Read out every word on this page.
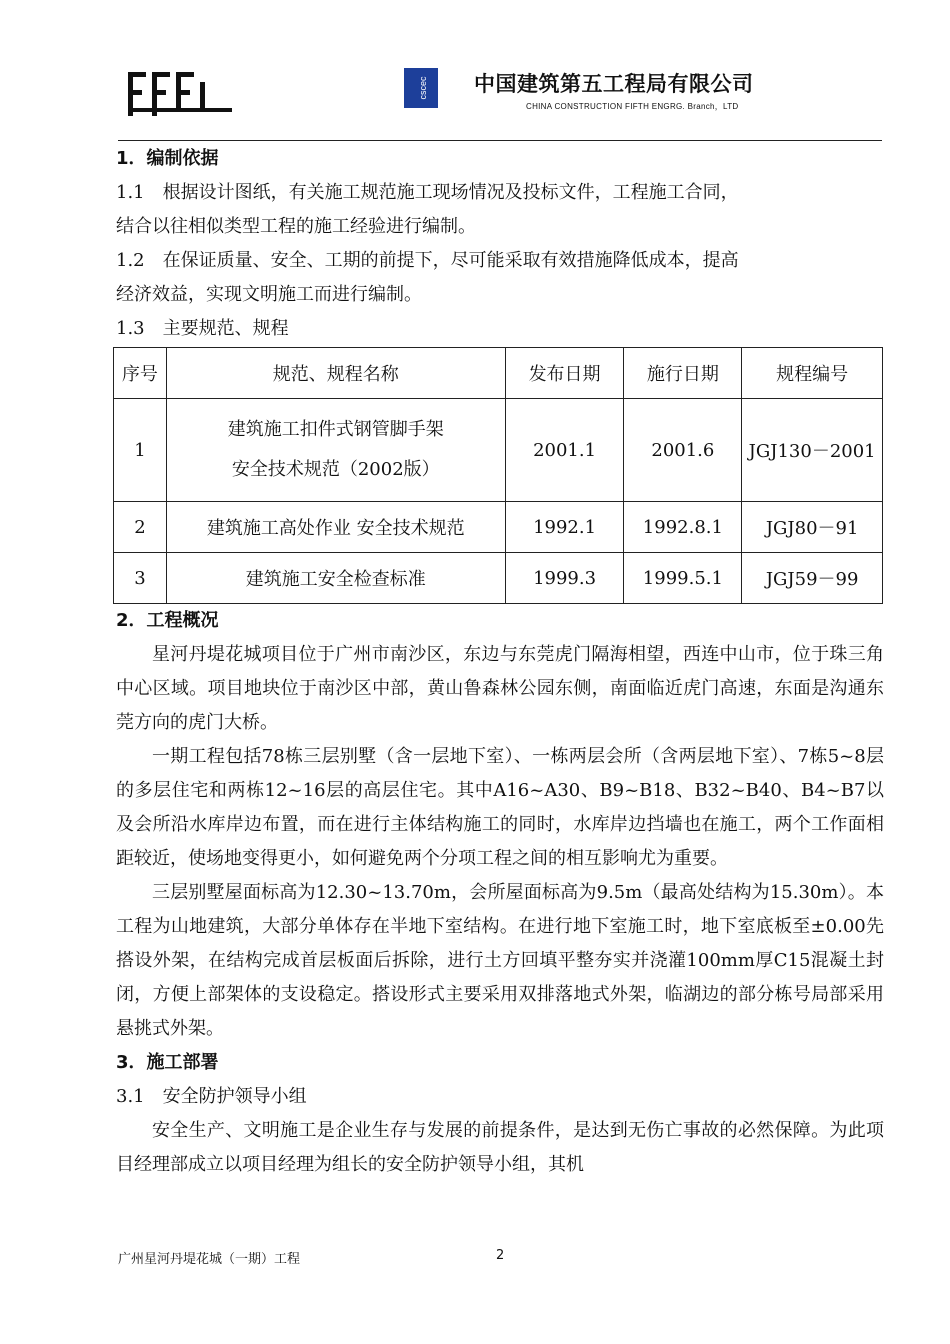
cscec 中国建筑第五工程局有限公司
CHINA CONSTRUCTION FIFTH ENGRG. Branch，LTD
1．编制依据
1.1　根据设计图纸，有关施工规范施工现场情况及投标文件，工程施工合同，
结合以往相似类型工程的施工经验进行编制。
1.2　在保证质量、安全、工期的前提下，尽可能采取有效措施降低成本，提高
经济效益，实现文明施工而进行编制。
1.3　主要规范、规程
序号	规范、规程名称	发布日期	施行日期	规程编号
1	建筑施工扣件式钢管脚手架
安全技术规范（2002版）	2001.1	2001.6	JGJ130－2001
2	建筑施工高处作业 安全技术规范	1992.1	1992.8.1	JGJ80－91
3	建筑施工安全检查标准	1999.3	1999.5.1	JGJ59－99
2．工程概况
星河丹堤花城项目位于广州市南沙区，东边与东莞虎门隔海相望，西连中山市，位于珠三角中心区域。项目地块位于南沙区中部，黄山鲁森林公园东侧，南面临近虎门高速，东面是沟通东莞方向的虎门大桥。
一期工程包括78栋三层别墅（含一层地下室）、一栋两层会所（含两层地下室）、7栋5~8层的多层住宅和两栋12~16层的高层住宅。其中A16~A30、B9~B18、B32~B40、B4~B7以及会所沿水库岸边布置，而在进行主体结构施工的同时，水库岸边挡墙也在施工，两个工作面相距较近，使场地变得更小，如何避免两个分项工程之间的相互影响尤为重要。
三层别墅屋面标高为12.30~13.70m，会所屋面标高为9.5m（最高处结构为15.30m）。本工程为山地建筑，大部分单体存在半地下室结构。在进行地下室施工时，地下室底板至±0.00先搭设外架，在结构完成首层板面后拆除，进行土方回填平整夯实并浇灌100mm厚C15混凝土封闭，方便上部架体的支设稳定。搭设形式主要采用双排落地式外架，临湖边的部分栋号局部采用悬挑式外架。
3．施工部署
3.1　安全防护领导小组
安全生产、文明施工是企业生存与发展的前提条件，是达到无伤亡事故的必然保障。为此项目经理部成立以项目经理为组长的安全防护领导小组，其机
广州星河丹堤花城（一期）工程	2
